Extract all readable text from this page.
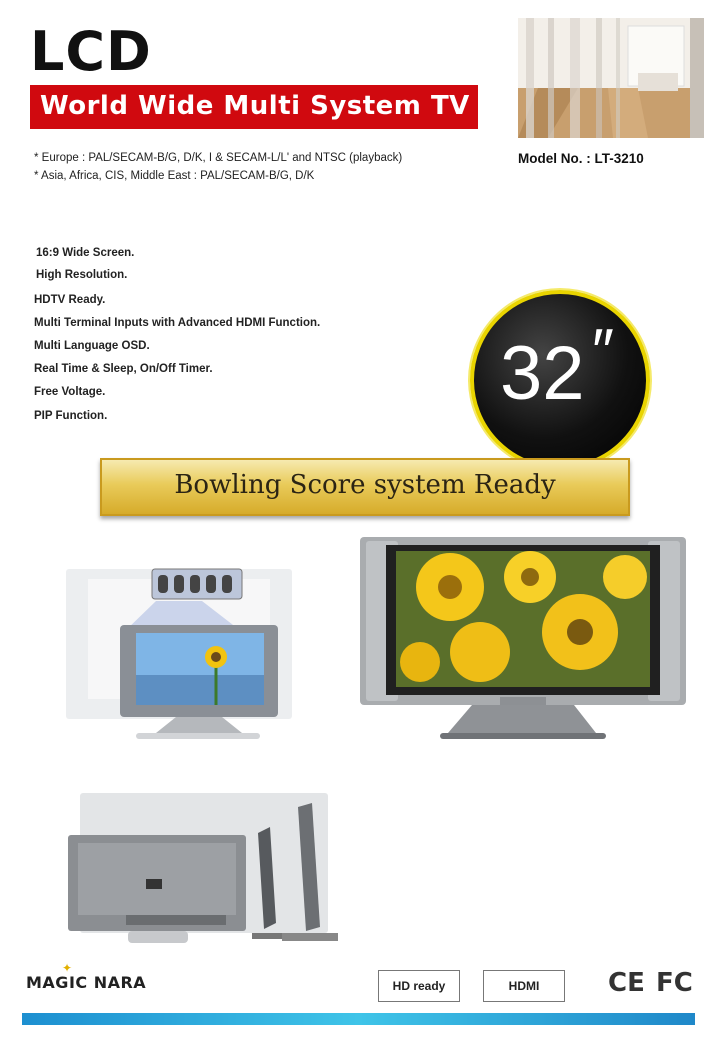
LCD
World Wide Multi System TV
* Europe : PAL/SECAM-B/G, D/K, I & SECAM-L/L' and NTSC (playback)
* Asia, Africa, CIS, Middle East : PAL/SECAM-B/G, D/K
Model No. : LT-3210
16:9 Wide Screen.
High Resolution.
HDTV Ready.
Multi Terminal Inputs with Advanced HDMI Function.
Multi Language OSD.
Real Time & Sleep, On/Off Timer.
Free Voltage.
PIP Function.	32 ″
Bowling Score system Ready
MAGIC NARA
✦
HD ready	HDMI	CE FC
